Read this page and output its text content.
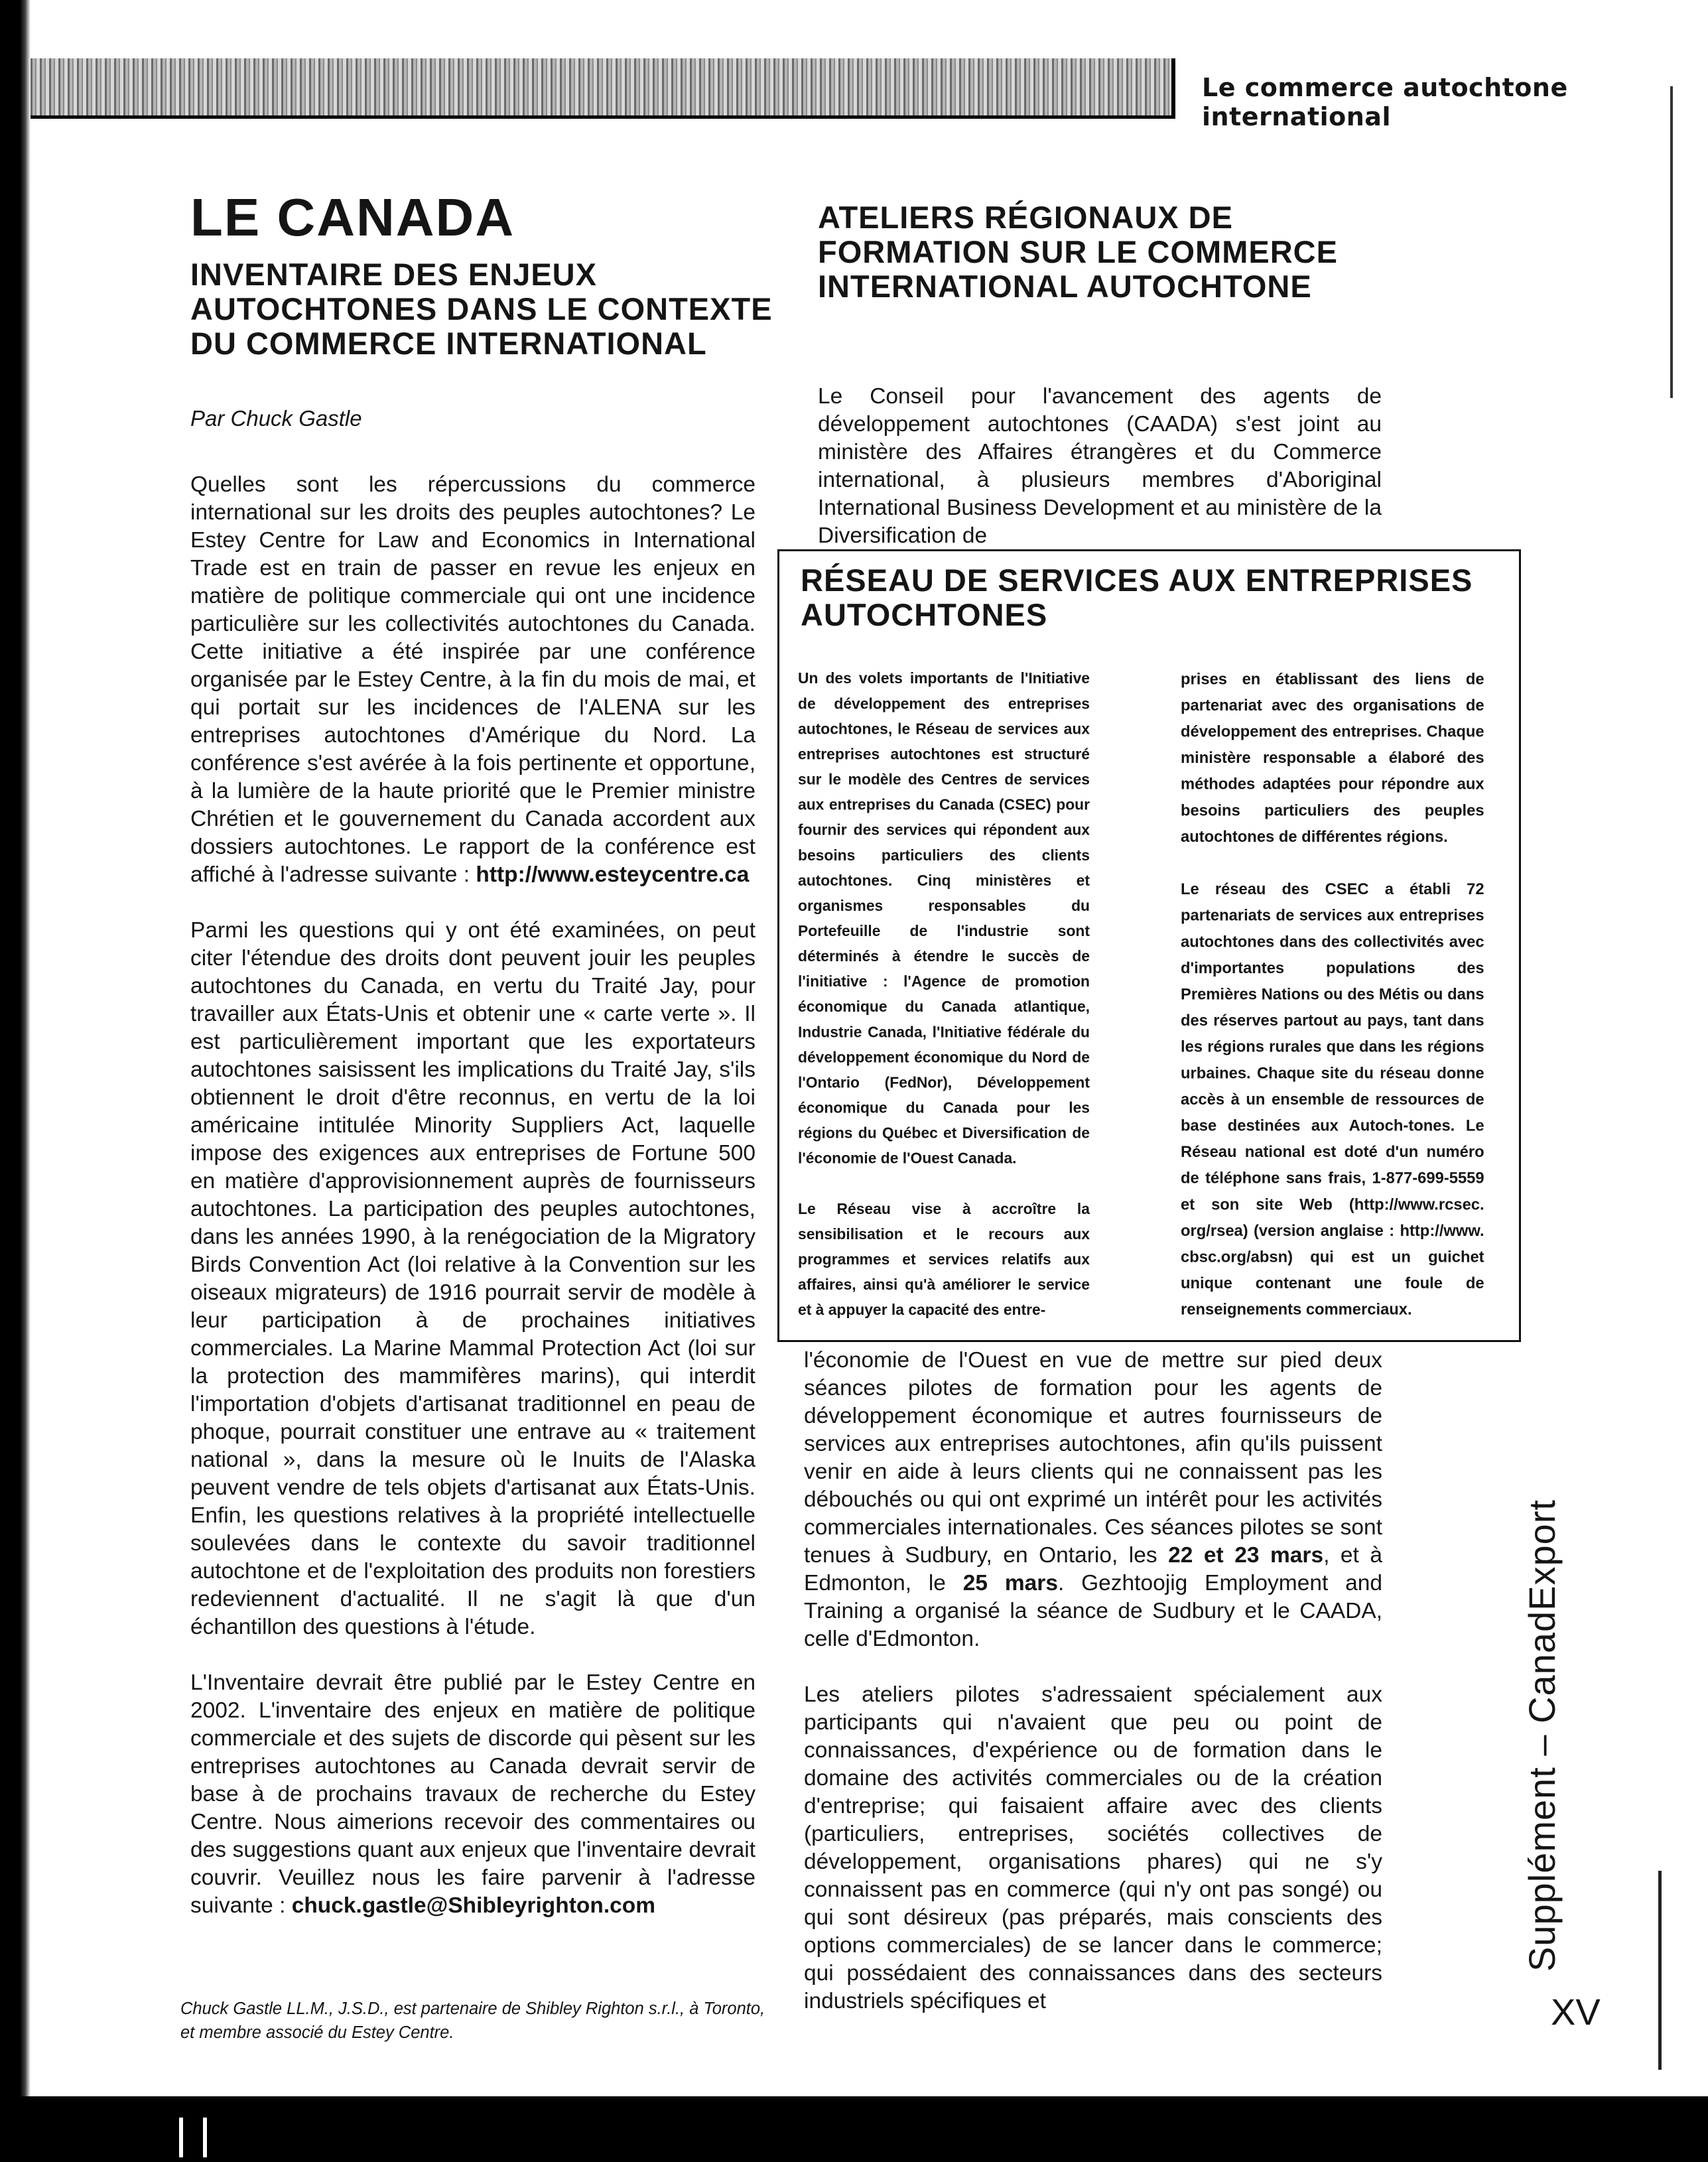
Le commerce autochtone international
LE CANADA
INVENTAIRE DES ENJEUX AUTOCHTONES DANS LE CONTEXTE DU COMMERCE INTERNATIONAL
Par Chuck Gastle

Quelles sont les répercussions du commerce international sur les droits des peuples autochtones? Le Estey Centre for Law and Economics in International Trade est en train de passer en revue les enjeux en matière de politique commerciale qui ont une incidence particulière sur les collectivités autochtones du Canada. Cette initiative a été inspirée par une conférence organisée par le Estey Centre, à la fin du mois de mai, et qui portait sur les incidences de l'ALENA sur les entreprises autochtones d'Amérique du Nord. La conférence s'est avérée à la fois pertinente et opportune, à la lumière de la haute priorité que le Premier ministre Chrétien et le gouvernement du Canada accordent aux dossiers autochtones. Le rapport de la conférence est affiché à l'adresse suivante : http://www.esteycentre.ca

Parmi les questions qui y ont été examinées, on peut citer l'étendue des droits dont peuvent jouir les peuples autochtones du Canada, en vertu du Traité Jay, pour travailler aux États-Unis et obtenir une « carte verte ». Il est particulièrement important que les exportateurs autochtones saisissent les implications du Traité Jay, s'ils obtiennent le droit d'être reconnus, en vertu de la loi américaine intitulée Minority Suppliers Act, laquelle impose des exigences aux entreprises de Fortune 500 en matière d'approvisionnement auprès de fournisseurs autochtones. La participation des peuples autochtones, dans les années 1990, à la renégociation de la Migratory Birds Convention Act (loi relative à la Convention sur les oiseaux migrateurs) de 1916 pourrait servir de modèle à leur participation à de prochaines initiatives commerciales. La Marine Mammal Protection Act (loi sur la protection des mammifères marins), qui interdit l'importation d'objets d'artisanat traditionnel en peau de phoque, pourrait constituer une entrave au « traitement national », dans la mesure où le Inuits de l'Alaska peuvent vendre de tels objets d'artisanat aux États-Unis. Enfin, les questions relatives à la propriété intellectuelle soulevées dans le contexte du savoir traditionnel autochtone et de l'exploitation des produits non forestiers redeviennent d'actualité. Il ne s'agit là que d'un échantillon des questions à l'étude.

L'Inventaire devrait être publié par le Estey Centre en 2002. L'inventaire des enjeux en matière de politique commerciale et des sujets de discorde qui pèsent sur les entreprises autochtones au Canada devrait servir de base à de prochains travaux de recherche du Estey Centre. Nous aimerions recevoir des commentaires ou des suggestions quant aux enjeux que l'inventaire devrait couvrir. Veuillez nous les faire parvenir à l'adresse suivante : chuck.gastle@Shibleyrighton.com

Chuck Gastle LL.M., J.S.D., est partenaire de Shibley Righton s.r.l., à Toronto, et membre associé du Estey Centre.

ATELIERS RÉGIONAUX DE FORMATION SUR LE COMMERCE INTERNATIONAL AUTOCHTONE

Le Conseil pour l'avancement des agents de développement autochtones (CAADA) s'est joint au ministère des Affaires étrangères et du Commerce international, à plusieurs membres d'Aboriginal International Business Development et au ministère de la Diversification de

RÉSEAU DE SERVICES AUX ENTREPRISES AUTOCHTONES

Un des volets importants de l'Initiative de développement des entreprises autochtones, le Réseau de services aux entreprises autochtones est structuré sur le modèle des Centres de services aux entreprises du Canada (CSEC) pour fournir des services qui répondent aux besoins particuliers des clients autochtones. Cinq ministères et organismes responsables du Portefeuille de l'industrie sont déterminés à étendre le succès de l'initiative : l'Agence de promotion économique du Canada atlantique, Industrie Canada, l'Initiative fédérale du développement économique du Nord de l'Ontario (FedNor), Développement économique du Canada pour les régions du Québec et Diversification de l'économie de l'Ouest Canada.

Le Réseau vise à accroître la sensibilisation et le recours aux programmes et services relatifs aux affaires, ainsi qu'à améliorer le service et à appuyer la capacité des entre-

prises en établissant des liens de partenariat avec des organisations de développement des entreprises. Chaque ministère responsable a élaboré des méthodes adaptées pour répondre aux besoins particuliers des peuples autochtones de différentes régions.

Le réseau des CSEC a établi 72 partenariats de services aux entreprises autochtones dans des collectivités avec d'importantes populations des Premières Nations ou des Métis ou dans des réserves partout au pays, tant dans les régions rurales que dans les régions urbaines. Chaque site du réseau donne accès à un ensemble de ressources de base destinées aux Autoch-tones. Le Réseau national est doté d'un numéro de téléphone sans frais, 1-877-699-5559 et son site Web (http://www.rcsec. org/rsea) (version anglaise : http://www. cbsc.org/absn) qui est un guichet unique contenant une foule de renseignements commerciaux.

l'économie de l'Ouest en vue de mettre sur pied deux séances pilotes de formation pour les agents de développement économique et autres fournisseurs de services aux entreprises autochtones, afin qu'ils puissent venir en aide à leurs clients qui ne connaissent pas les débouchés ou qui ont exprimé un intérêt pour les activités commerciales internationales. Ces séances pilotes se sont tenues à Sudbury, en Ontario, les 22 et 23 mars, et à Edmonton, le 25 mars. Gezhtoojig Employment and Training a organisé la séance de Sudbury et le CAADA, celle d'Edmonton.

Les ateliers pilotes s'adressaient spécialement aux participants qui n'avaient que peu ou point de connaissances, d'expérience ou de formation dans le domaine des activités commerciales ou de la création d'entreprise; qui faisaient affaire avec des clients (particuliers, entreprises, sociétés collectives de développement, organisations phares) qui ne s'y connaissent pas en commerce (qui n'y ont pas songé) ou qui sont désireux (pas préparés, mais conscients des options commerciales) de se lancer dans le commerce; qui possédaient des connaissances dans des secteurs industriels spécifiques et

Supplément – CanadExport
XV
